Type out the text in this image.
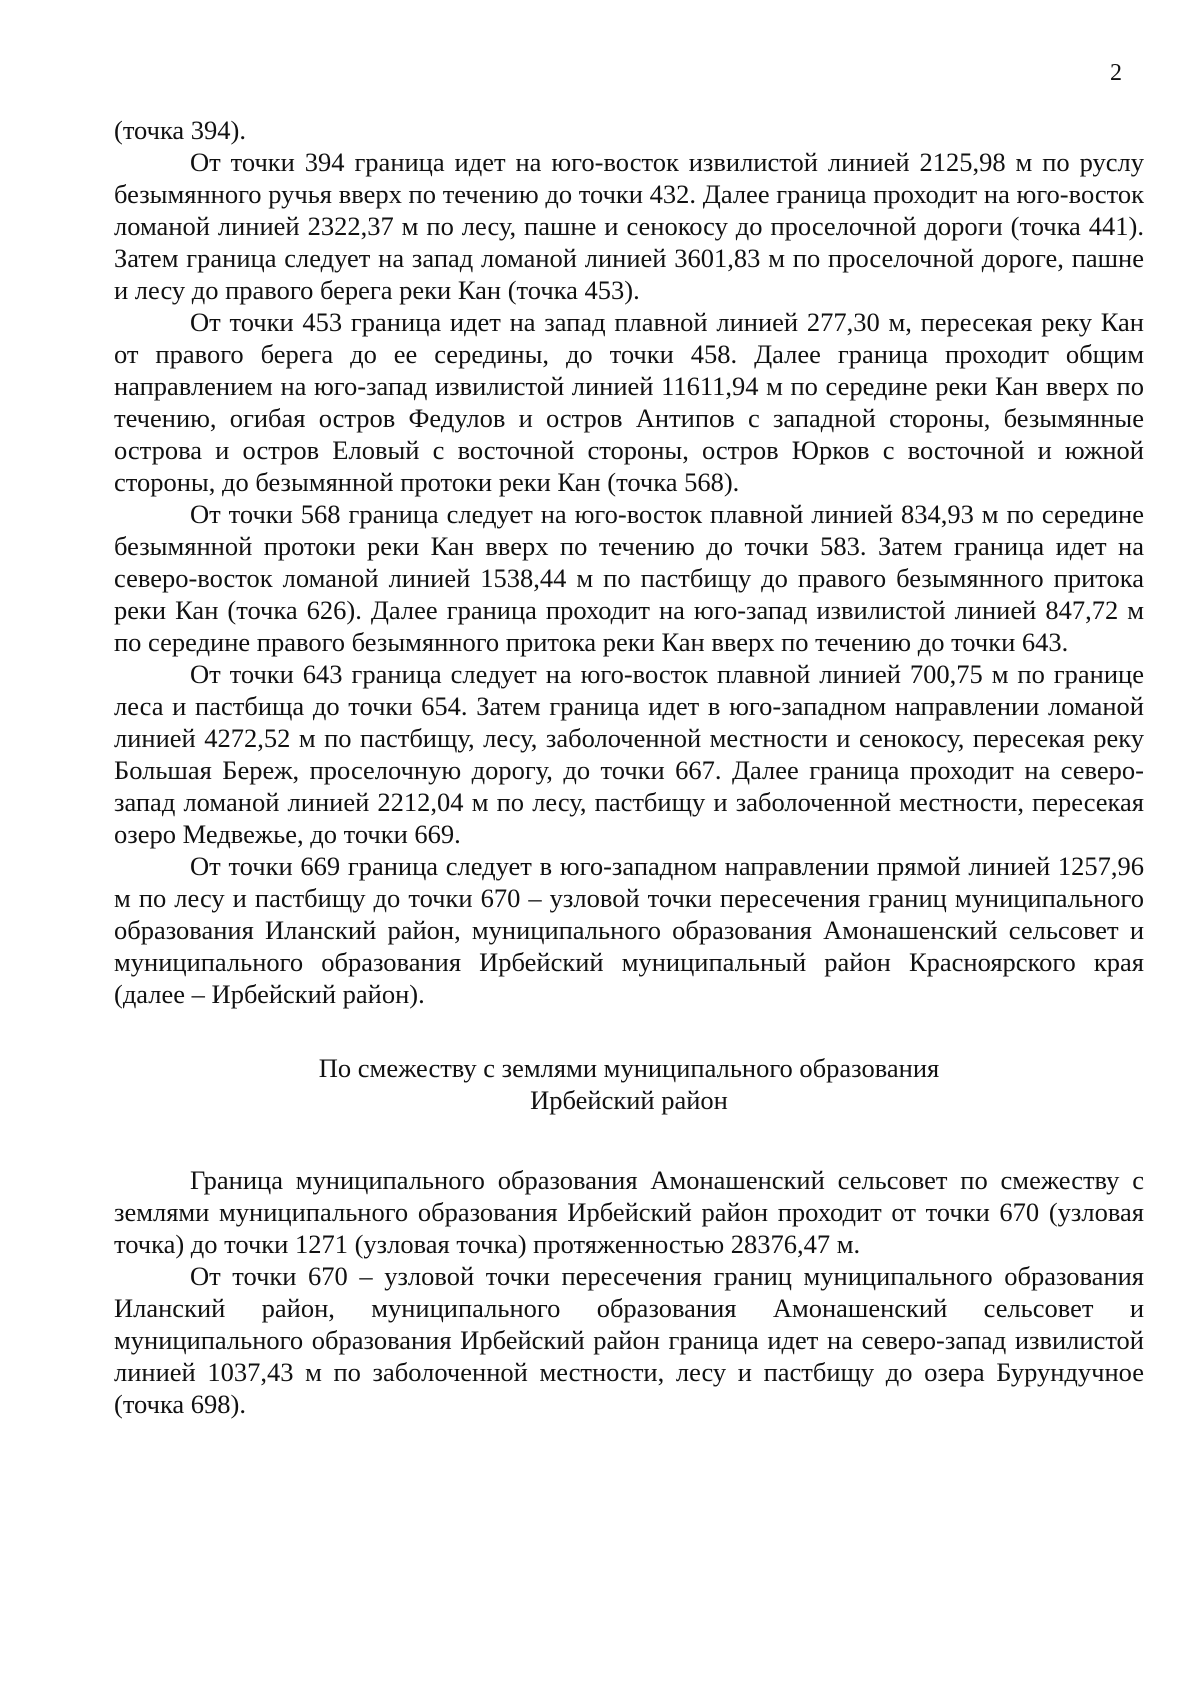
2

(точка 394).

От точки 394 граница идет на юго-восток извилистой линией 2125,98 м по руслу безымянного ручья вверх по течению до точки 432. Далее граница проходит на юго-восток ломаной линией 2322,37 м по лесу, пашне и сенокосу до проселочной дороги (точка 441). Затем граница следует на запад ломаной линией 3601,83 м по проселочной дороге, пашне и лесу до правого берега реки Кан (точка 453).

От точки 453 граница идет на запад плавной линией 277,30 м, пересекая реку Кан от правого берега до ее середины, до точки 458. Далее граница проходит общим направлением на юго-запад извилистой линией 11611,94 м по середине реки Кан вверх по течению, огибая остров Федулов и остров Антипов с западной стороны, безымянные острова и остров Еловый с восточной стороны, остров Юрков с восточной и южной стороны, до безымянной протоки реки Кан (точка 568).

От точки 568 граница следует на юго-восток плавной линией 834,93 м по середине безымянной протоки реки Кан вверх по течению до точки 583. Затем граница идет на северо-восток ломаной линией 1538,44 м по пастбищу до правого безымянного притока реки Кан (точка 626). Далее граница проходит на юго-запад извилистой линией 847,72 м по середине правого безымянного притока реки Кан вверх по течению до точки 643.

От точки 643 граница следует на юго-восток плавной линией 700,75 м по границе леса и пастбища до точки 654. Затем граница идет в юго-западном направлении ломаной линией 4272,52 м по пастбищу, лесу, заболоченной местности и сенокосу, пересекая реку Большая Береж, проселочную дорогу, до точки 667. Далее граница проходит на северо-запад ломаной линией 2212,04 м по лесу, пастбищу и заболоченной местности, пересекая озеро Медвежье, до точки 669.

От точки 669 граница следует в юго-западном направлении прямой линией 1257,96 м по лесу и пастбищу до точки 670 – узловой точки пересечения границ муниципального образования Иланский район, муниципального образования Амонашенский сельсовет и муниципального образования Ирбейский муниципальный район Красноярского края (далее – Ирбейский район).

По смежеству с землями муниципального образования

Ирбейский район

Граница муниципального образования Амонашенский сельсовет по смежеству с землями муниципального образования Ирбейский район проходит от точки 670 (узловая точка) до точки 1271 (узловая точка) протяженностью 28376,47 м.

От точки 670 – узловой точки пересечения границ муниципального образования Иланский район, муниципального образования Амонашенский сельсовет и муниципального образования Ирбейский район граница идет на северо-запад извилистой линией 1037,43 м по заболоченной местности, лесу и пастбищу до озера Бурундучное (точка 698).
